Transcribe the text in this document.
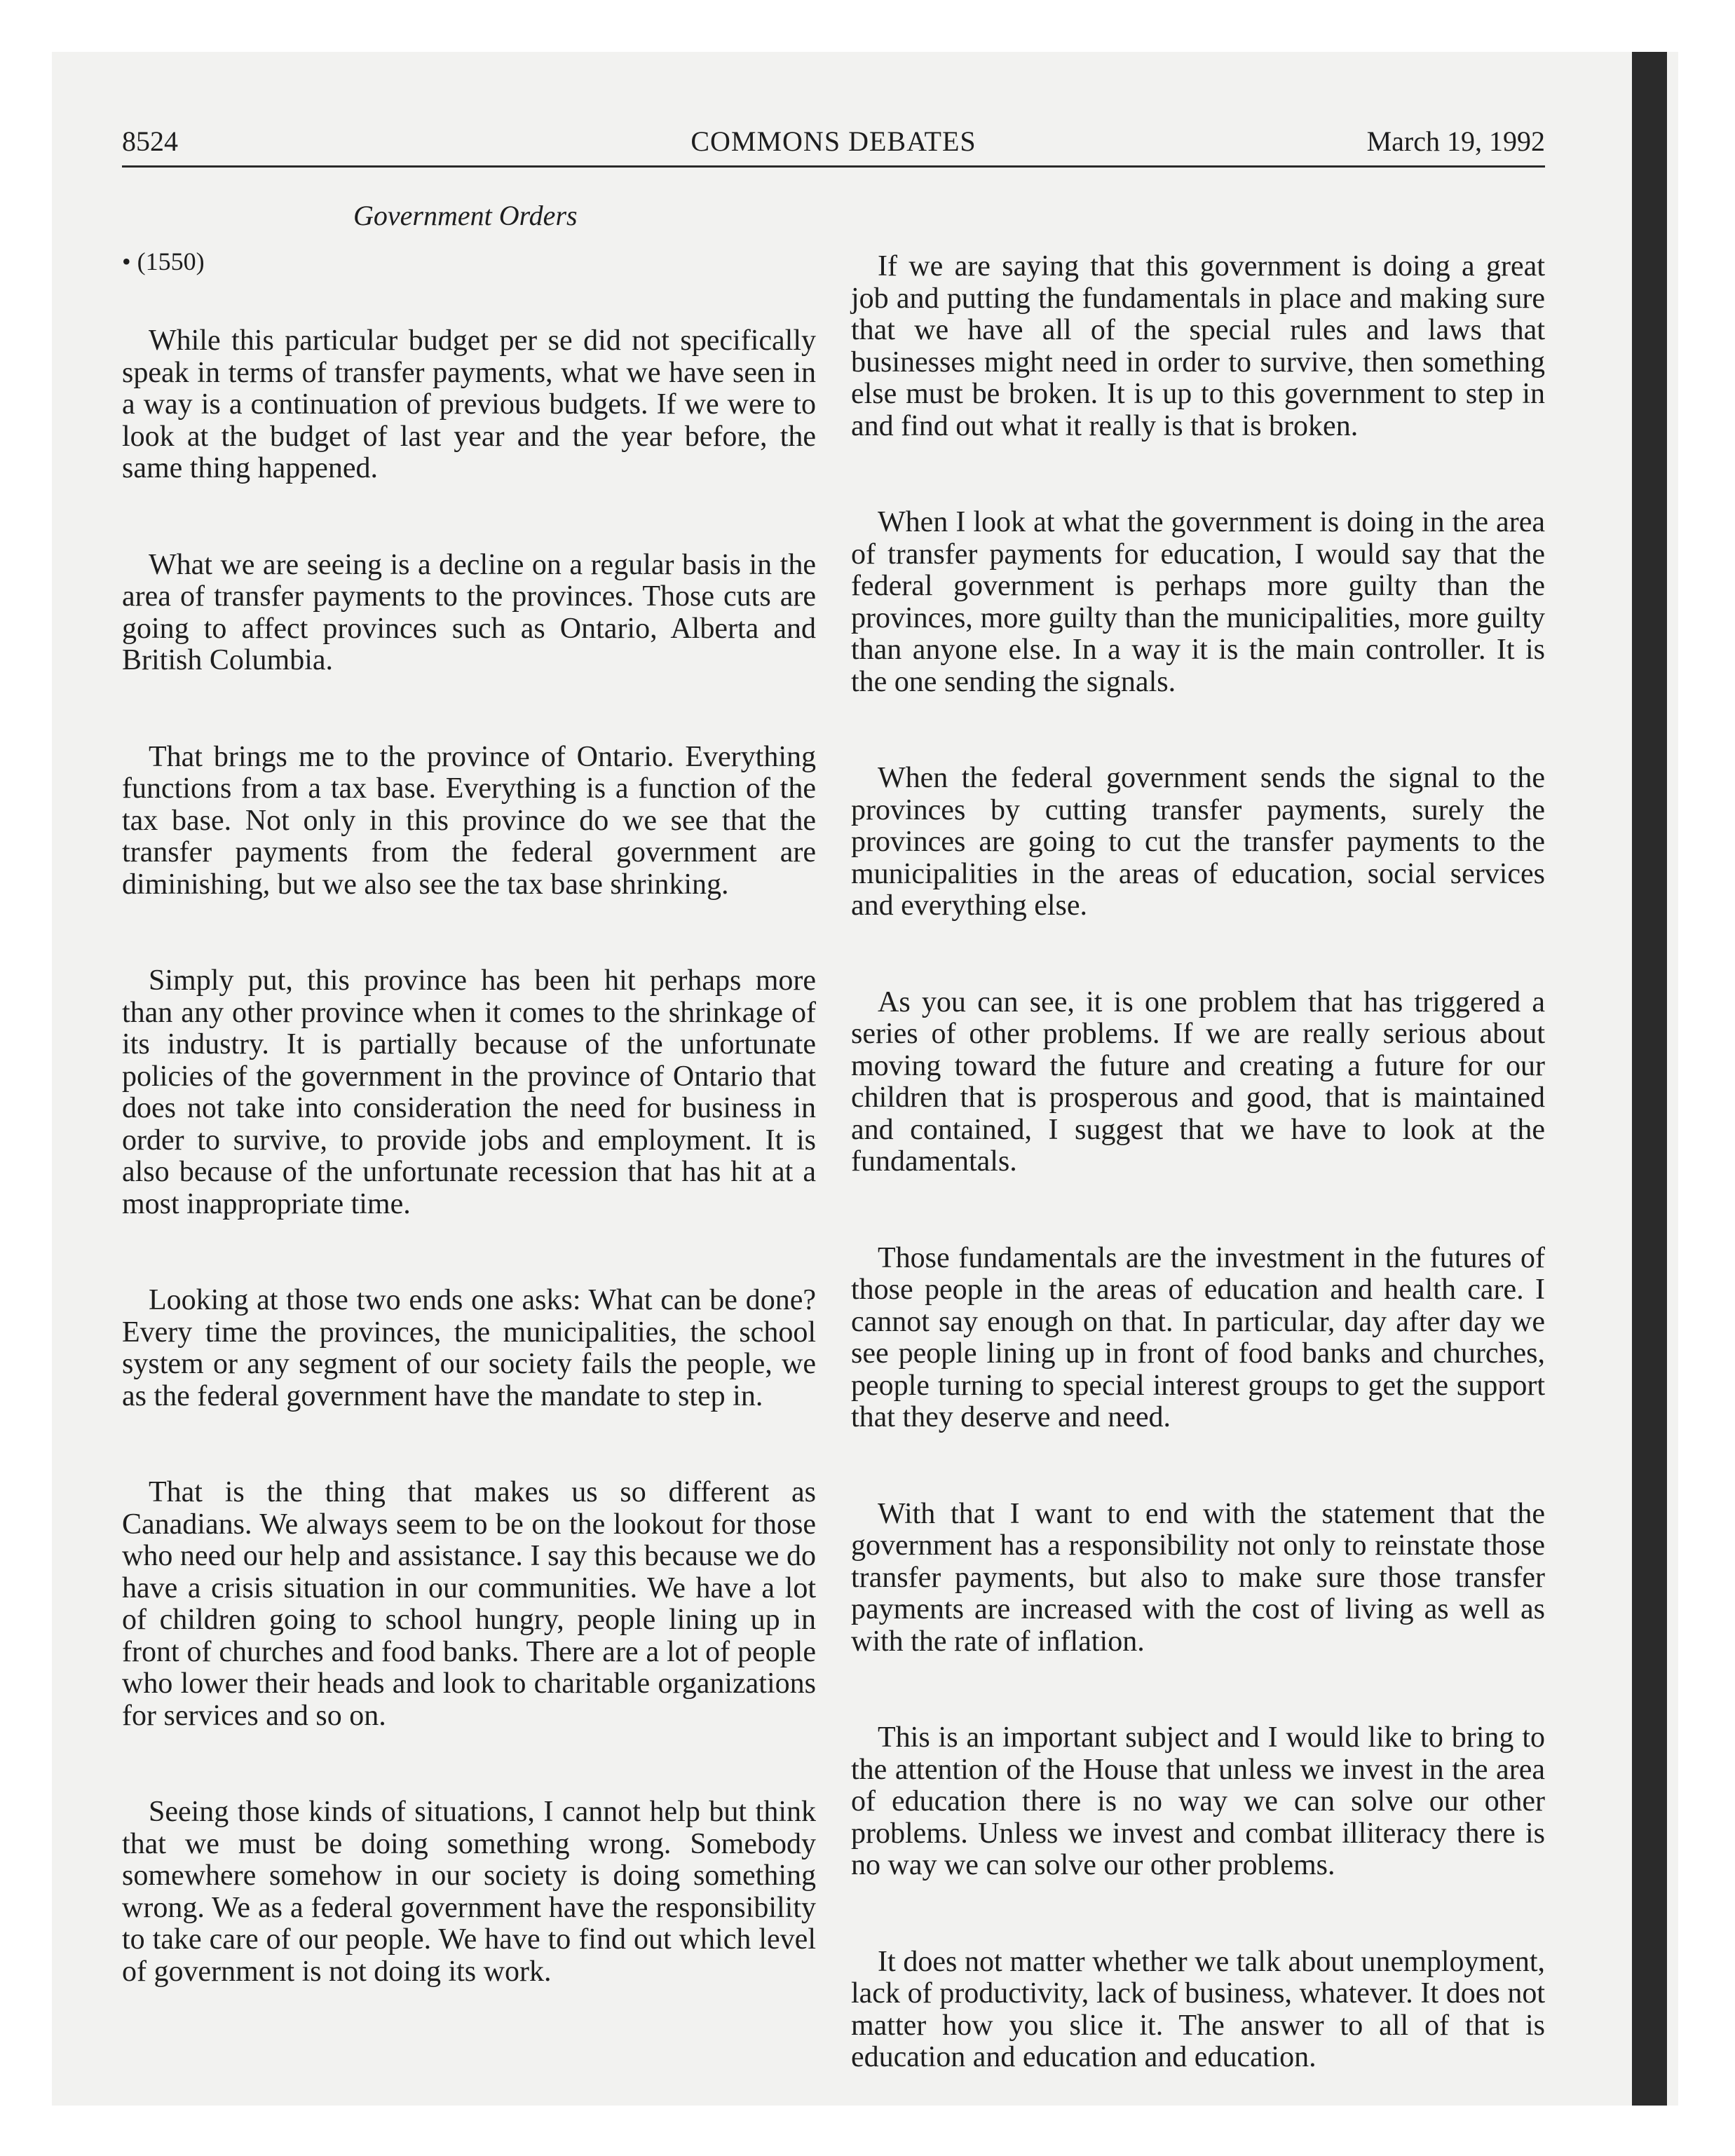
8524	COMMONS DEBATES	March 19, 1992
Government Orders
• (1550)

While this particular budget per se did not specifically speak in terms of transfer payments, what we have seen in a way is a continuation of previous budgets. If we were to look at the budget of last year and the year before, the same thing happened.

What we are seeing is a decline on a regular basis in the area of transfer payments to the provinces. Those cuts are going to affect provinces such as Ontario, Alberta and British Columbia.

That brings me to the province of Ontario. Everything functions from a tax base. Everything is a function of the tax base. Not only in this province do we see that the transfer payments from the federal government are diminishing, but we also see the tax base shrinking.

Simply put, this province has been hit perhaps more than any other province when it comes to the shrinkage of its industry. It is partially because of the unfortunate policies of the government in the province of Ontario that does not take into consideration the need for business in order to survive, to provide jobs and employment. It is also because of the unfortunate recession that has hit at a most inappropriate time.

Looking at those two ends one asks: What can be done? Every time the provinces, the municipalities, the school system or any segment of our society fails the people, we as the federal government have the mandate to step in.

That is the thing that makes us so different as Canadians. We always seem to be on the lookout for those who need our help and assistance. I say this because we do have a crisis situation in our communities. We have a lot of children going to school hungry, people lining up in front of churches and food banks. There are a lot of people who lower their heads and look to charitable organizations for services and so on.

Seeing those kinds of situations, I cannot help but think that we must be doing something wrong. Somebody somewhere somehow in our society is doing something wrong. We as a federal government have the responsibility to take care of our people. We have to find out which level of government is not doing its work.

If we are saying that this government is doing a great job and putting the fundamentals in place and making sure that we have all of the special rules and laws that businesses might need in order to survive, then something else must be broken. It is up to this government to step in and find out what it really is that is broken.

When I look at what the government is doing in the area of transfer payments for education, I would say that the federal government is perhaps more guilty than the provinces, more guilty than the municipalities, more guilty than anyone else. In a way it is the main controller. It is the one sending the signals.

When the federal government sends the signal to the provinces by cutting transfer payments, surely the provinces are going to cut the transfer payments to the municipalities in the areas of education, social services and everything else.

As you can see, it is one problem that has triggered a series of other problems. If we are really serious about moving toward the future and creating a future for our children that is prosperous and good, that is maintained and contained, I suggest that we have to look at the fundamentals.

Those fundamentals are the investment in the futures of those people in the areas of education and health care. I cannot say enough on that. In particular, day after day we see people lining up in front of food banks and churches, people turning to special interest groups to get the support that they deserve and need.

With that I want to end with the statement that the government has a responsibility not only to reinstate those transfer payments, but also to make sure those transfer payments are increased with the cost of living as well as with the rate of inflation.

This is an important subject and I would like to bring to the attention of the House that unless we invest in the area of education there is no way we can solve our other problems. Unless we invest and combat illiteracy there is no way we can solve our other problems.

It does not matter whether we talk about unemployment, lack of productivity, lack of business, whatever. It does not matter how you slice it. The answer to all of that is education and education and education.
